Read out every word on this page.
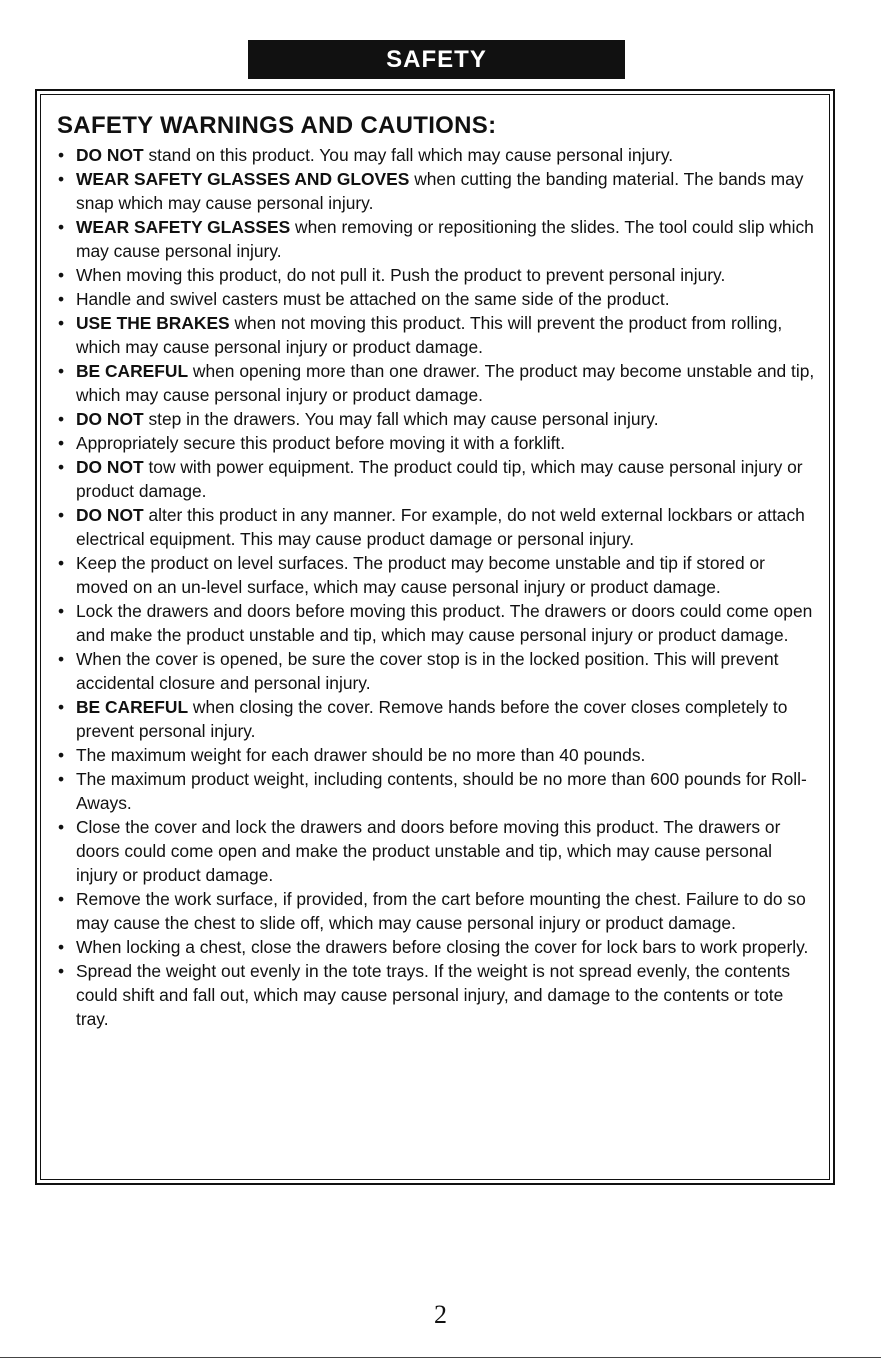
SAFETY
SAFETY WARNINGS AND CAUTIONS:
• DO NOT stand on this product. You may fall which may cause personal injury.
• WEAR SAFETY GLASSES AND GLOVES when cutting the banding material. The bands may snap which may cause personal injury.
• WEAR SAFETY GLASSES when removing or repositioning the slides. The tool could slip which may cause personal injury.
• When moving this product, do not pull it. Push the product to prevent personal injury.
• Handle and swivel casters must be attached on the same side of the product.
• USE THE BRAKES when not moving this product. This will prevent the product from rolling, which may cause personal injury or product damage.
• BE CAREFUL when opening more than one drawer. The product may become unstable and tip, which may cause personal injury or product damage.
• DO NOT step in the drawers. You may fall which may cause personal injury.
• Appropriately secure this product before moving it with a forklift.
• DO NOT tow with power equipment. The product could tip, which may cause personal injury or product damage.
• DO NOT alter this product in any manner. For example, do not weld external lockbars or attach electrical equipment. This may cause product damage or personal injury.
• Keep the product on level surfaces. The product may become unstable and tip if stored or moved on an un-level surface, which may cause personal injury or product damage.
• Lock the drawers and doors before moving this product. The drawers or doors could come open and make the product unstable and tip, which may cause personal injury or product damage.
• When the cover is opened, be sure the cover stop is in the locked position. This will prevent accidental closure and personal injury.
• BE CAREFUL when closing the cover. Remove hands before the cover closes completely to prevent personal injury.
• The maximum weight for each drawer should be no more than 40 pounds.
• The maximum product weight, including contents, should be no more than 600 pounds for Roll-Aways.
• Close the cover and lock the drawers and doors before moving this product. The drawers or doors could come open and make the product unstable and tip, which may cause personal injury or product damage.
• Remove the work surface, if provided, from the cart before mounting the chest. Failure to do so may cause the chest to slide off, which may cause personal injury or product damage.
• When locking a chest, close the drawers before closing the cover for lock bars to work properly.
• Spread the weight out evenly in the tote trays. If the weight is not spread evenly, the contents could shift and fall out, which may cause personal injury, and damage to the contents or tote tray.
2
